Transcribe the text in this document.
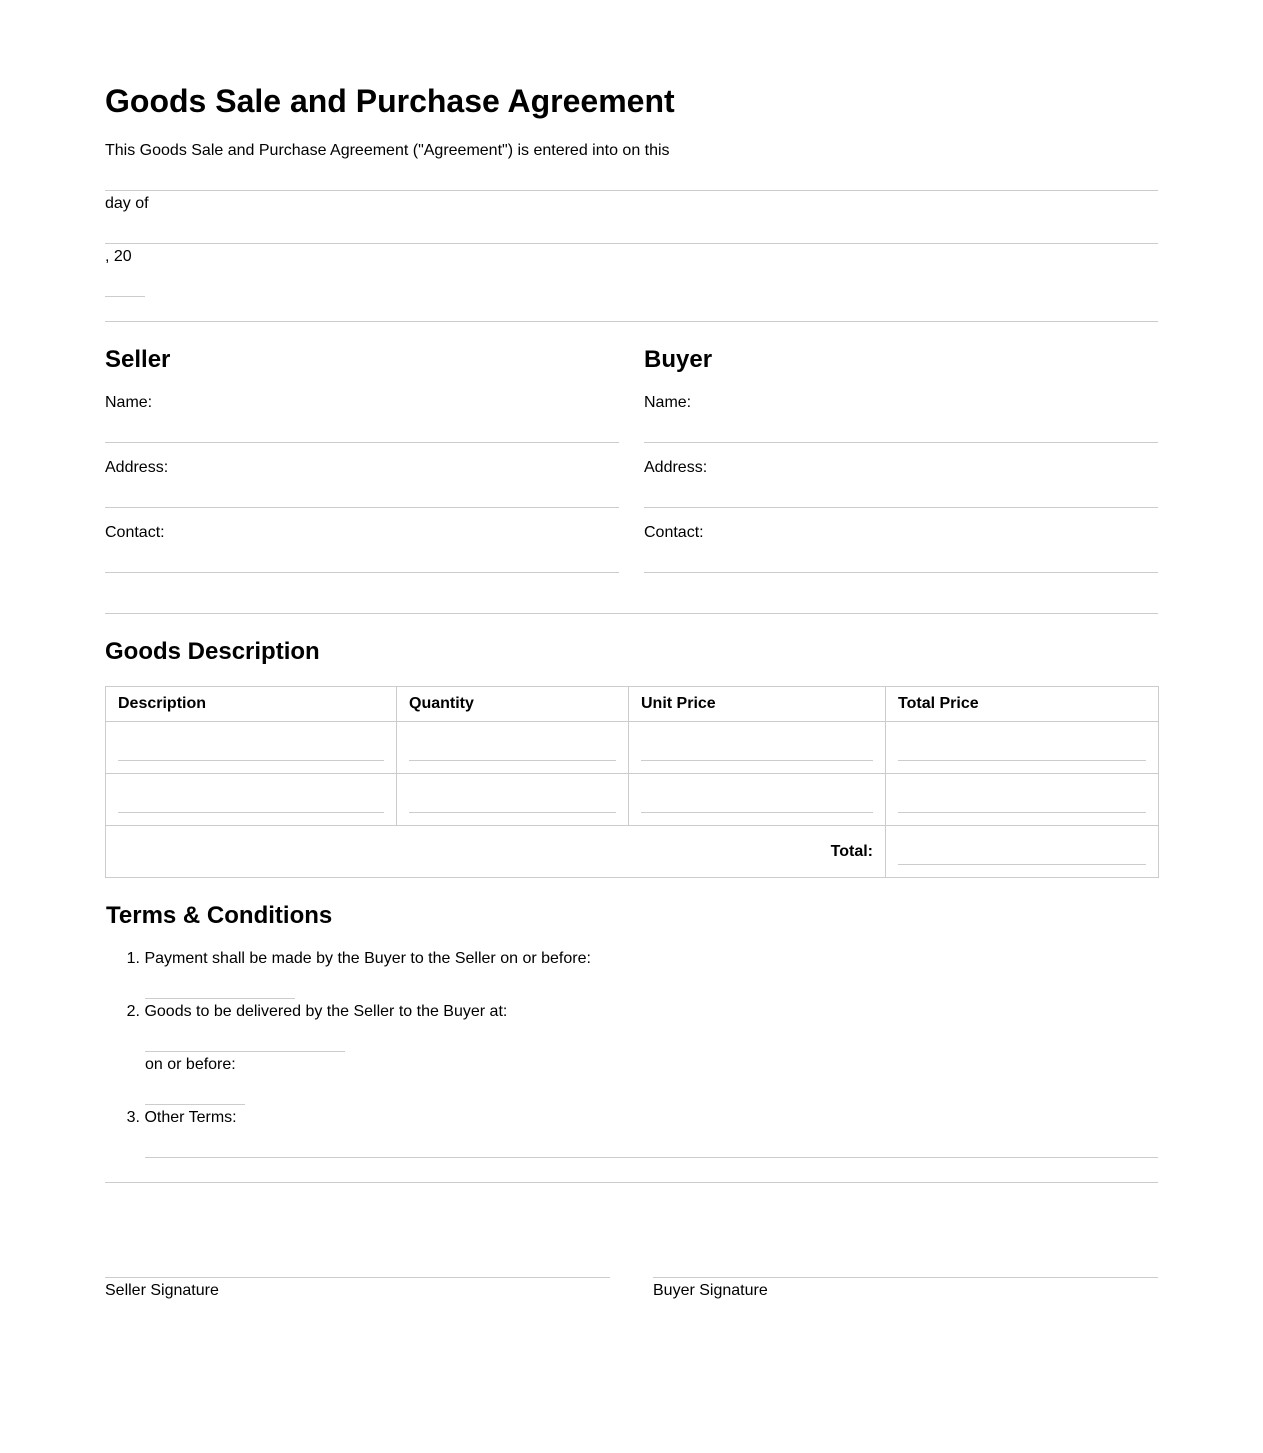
Goods Sale and Purchase Agreement
This Goods Sale and Purchase Agreement ("Agreement") is entered into on this
day of
, 20
Seller
Name:
Address:
Contact:
Buyer
Name:
Address:
Contact:
Goods Description
Description	Quantity	Unit Price	Total Price

Total:	
Terms & Conditions
1. Payment shall be made by the Buyer to the Seller on or before:
2. Goods to be delivered by the Seller to the Buyer at:
on or before:
3. Other Terms:
Seller Signature	Buyer Signature
